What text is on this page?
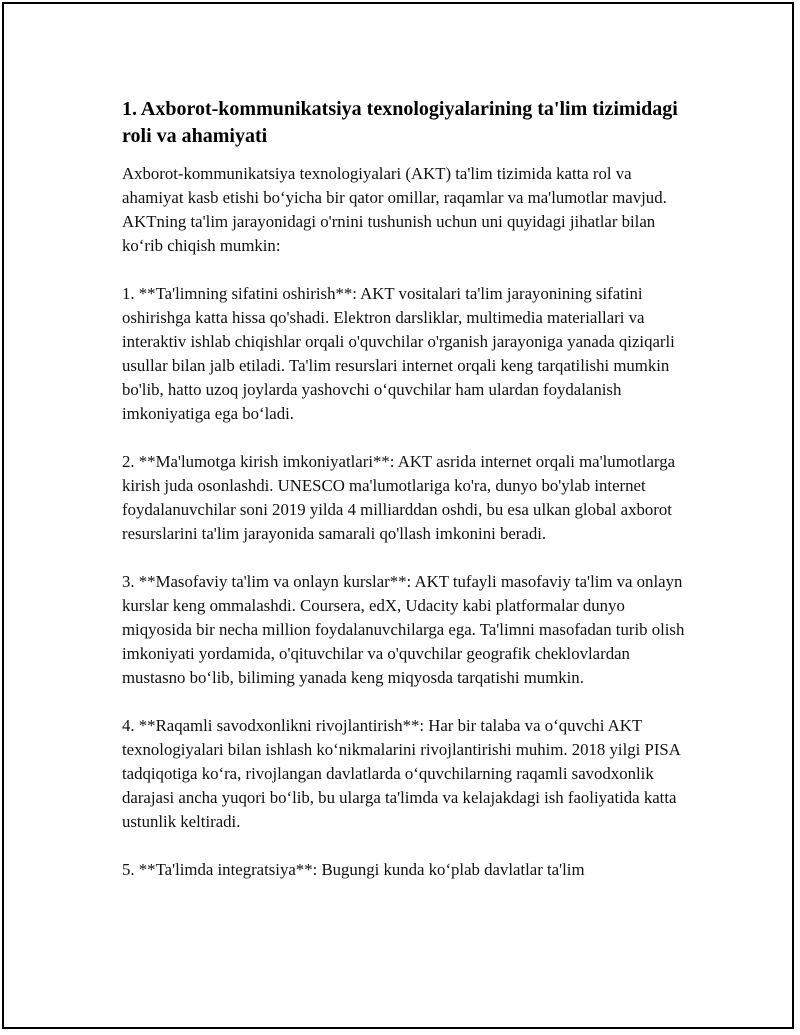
1. Axborot-kommunikatsiya texnologiyalarining ta'lim tizimidagi roli va ahamiyati

Axborot-kommunikatsiya texnologiyalari (AKT) ta'lim tizimida katta rol va ahamiyat kasb etishi bo‘yicha bir qator omillar, raqamlar va ma'lumotlar mavjud. AKTning ta'lim jarayonidagi o'rnini tushunish uchun uni quyidagi jihatlar bilan ko‘rib chiqish mumkin:

1. **Ta'limning sifatini oshirish**: AKT vositalari ta'lim jarayonining sifatini oshirishga katta hissa qo'shadi. Elektron darsliklar, multimedia materiallari va interaktiv ishlab chiqishlar orqali o'quvchilar o'rganish jarayoniga yanada qiziqarli usullar bilan jalb etiladi. Ta'lim resurslari internet orqali keng tarqatilishi mumkin bo'lib, hatto uzoq joylarda yashovchi o‘quvchilar ham ulardan foydalanish imkoniyatiga ega bo‘ladi.

2. **Ma'lumotga kirish imkoniyatlari**: AKT asrida internet orqali ma'lumotlarga kirish juda osonlashdi. UNESCO ma'lumotlariga ko'ra, dunyo bo'ylab internet foydalanuvchilar soni 2019 yilda 4 milliarddan oshdi, bu esa ulkan global axborot resurslarini ta'lim jarayonida samarali qo'llash imkonini beradi.

3. **Masofaviy ta'lim va onlayn kurslar**: AKT tufayli masofaviy ta'lim va onlayn kurslar keng ommalashdi. Coursera, edX, Udacity kabi platformalar dunyo miqyosida bir necha million foydalanuvchilarga ega. Ta'limni masofadan turib olish imkoniyati yordamida, o'qituvchilar va o'quvchilar geografik cheklovlardan mustasno bo‘lib, biliming yanada keng miqyosda tarqatishi mumkin.

4. **Raqamli savodxonlikni rivojlantirish**: Har bir talaba va o‘quvchi AKT texnologiyalari bilan ishlash ko‘nikmalarini rivojlantirishi muhim. 2018 yilgi PISA tadqiqotiga ko‘ra, rivojlangan davlatlarda o‘quvchilarning raqamli savodxonlik darajasi ancha yuqori bo‘lib, bu ularga ta'limda va kelajakdagi ish faoliyatida katta ustunlik keltiradi.

5. **Ta'limda integratsiya**: Bugungi kunda ko‘plab davlatlar ta'lim
